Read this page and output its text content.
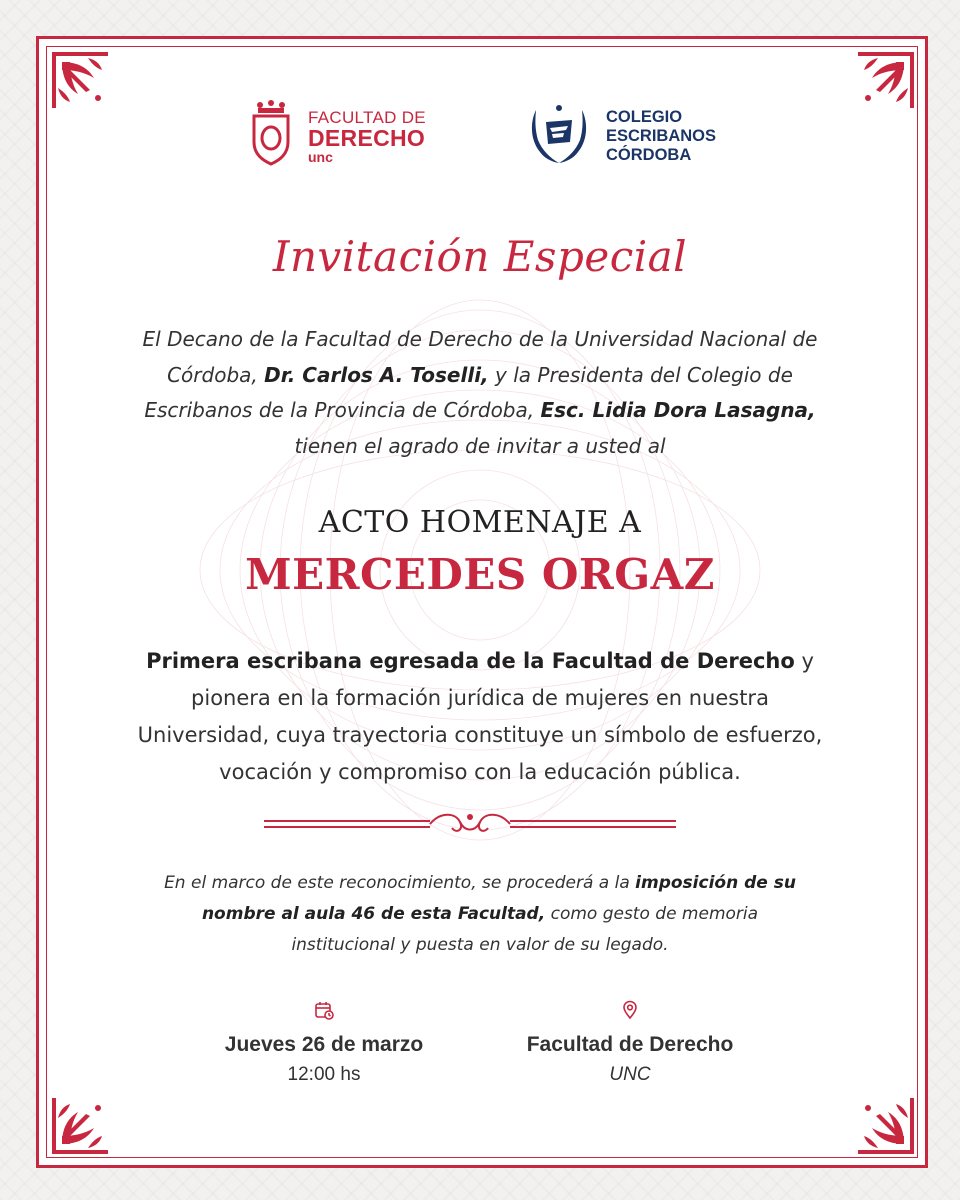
FACULTAD DE
DERECHO
unc
COLEGIO
ESCRIBANOS
CÓRDOBA
Invitación Especial
El Decano de la Facultad de Derecho de la Universidad Nacional de Córdoba, Dr. Carlos A. Toselli, y la Presidenta del Colegio de Escribanos de la Provincia de Córdoba, Esc. Lidia Dora Lasagna, tienen el agrado de invitar a usted al
ACTO HOMENAJE A
MERCEDES ORGAZ
Primera escribana egresada de la Facultad de Derecho y pionera en la formación jurídica de mujeres en nuestra Universidad, cuya trayectoria constituye un símbolo de esfuerzo, vocación y compromiso con la educación pública.
En el marco de este reconocimiento, se procederá a la imposición de su nombre al aula 46 de esta Facultad, como gesto de memoria institucional y puesta en valor de su legado.
Jueves 26 de marzo
12:00 hs
Facultad de Derecho
UNC
